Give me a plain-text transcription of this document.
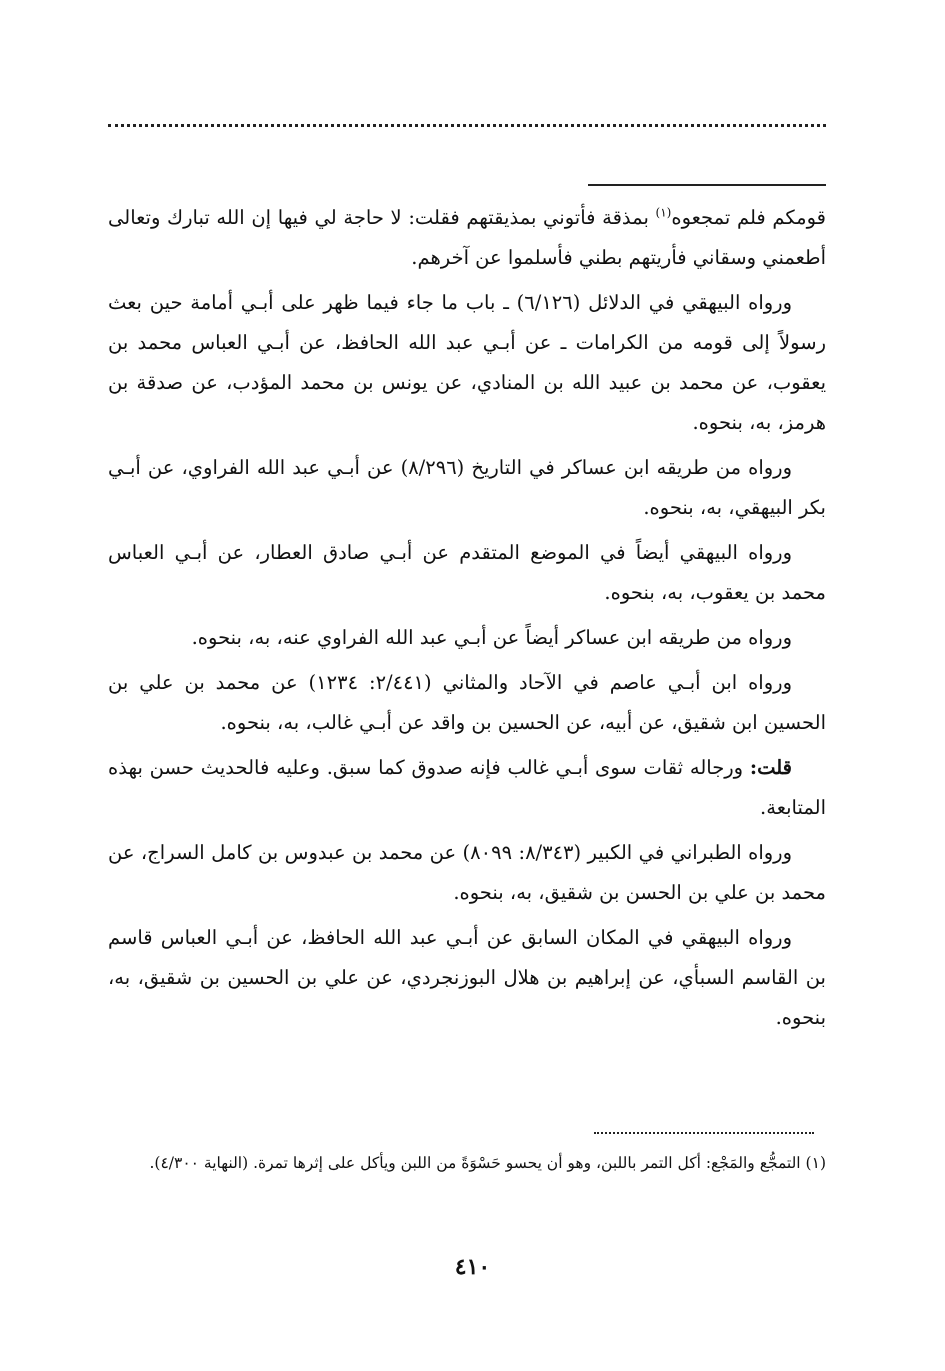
قومكم فلم تمجعوه$^{(١)}$ بمذقة فأتوني بمذيقتهم فقلت: لا حاجة لي فيها إن الله تبارك وتعالى أطعمني وسقاني فأريتهم بطني فأسلموا عن آخرهم.

ورواه البيهقي في الدلائل (٦/١٢٦) ـ باب ما جاء فيما ظهر على أبـي أمامة حين بعث رسولاً إلى قومه من الكرامات ـ عن أبـي عبد الله الحافظ، عن أبـي العباس محمد بن يعقوب، عن محمد بن عبيد الله بن المنادي، عن يونس بن محمد المؤدب، عن صدقة بن هرمز، به، بنحوه.

ورواه من طريقه ابن عساكر في التاريخ (٨/٢٩٦) عن أبـي عبد الله الفراوي، عن أبـي بكر البيهقي، به، بنحوه.

ورواه البيهقي أيضاً في الموضع المتقدم عن أبـي صادق العطار، عن أبـي العباس محمد بن يعقوب، به، بنحوه.

ورواه من طريقه ابن عساكر أيضاً عن أبـي عبد الله الفراوي عنه، به، بنحوه.

ورواه ابن أبـي عاصم في الآحاد والمثاني (٢/٤٤١: ١٢٣٤) عن محمد بن علي بن الحسين ابن شقيق، عن أبيه، عن الحسين بن واقد عن أبـي غالب، به، بنحوه.

قلت: ورجاله ثقات سوى أبـي غالب فإنه صدوق كما سبق. وعليه فالحديث حسن بهذه المتابعة.

ورواه الطبراني في الكبير (٨/٣٤٣: ٨٠٩٩) عن محمد بن عبدوس بن كامل السراج، عن محمد بن علي بن الحسن بن شقيق، به، بنحوه.

ورواه البيهقي في المكان السابق عن أبـي عبد الله الحافظ، عن أبـي العباس قاسم بن القاسم السبأي، عن إبراهيم بن هلال البوزنجردي، عن علي بن الحسين بن شقيق، به، بنحوه.

(١) التمجُّع والمَجْع: أكل التمر باللبن، وهو أن يحسو حَسْوَةً من اللبن ويأكل على إثرها تمرة. (النهاية ٤/٣٠٠).

٤١٠
